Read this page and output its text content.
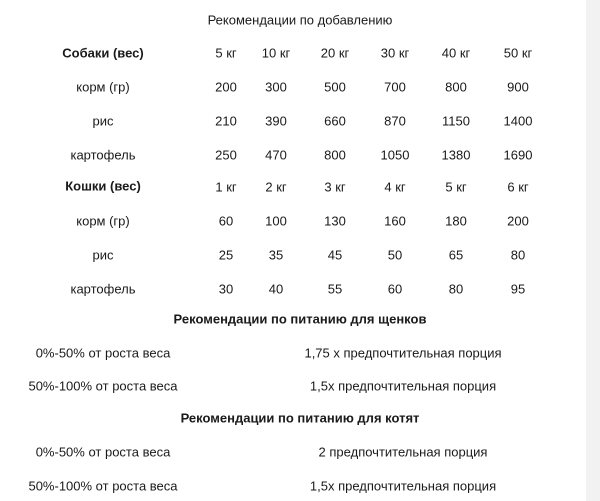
Рекомендации по добавлению
Собаки (вес)	5 кг 10 кг 20 кг 30 кг 40 кг	50 кг
корм (гр)	200 300	500	700	800	900
рис	210 390	660	870	1150	1400
картофель	250 470	800	1050 1380	1690
Кошки (вес)	1 кг 2 кг	3 кг	4 кг	5 кг	6 кг
корм (гр)	60 100	130	160	180	200
рис	25	35	45	50	65	80
картофель	30	40	55	60	80	95
Рекомендации по питанию для щенков
0%-50% от роста веса	1,75 х предпочтительная порция
50%-100% от роста веса	1,5х предпочтительная порция
Рекомендации по питанию для котят
0%-50% от роста веса	2 предпочтительная порция
50%-100% от роста веса	1,5х предпочтительная порция
